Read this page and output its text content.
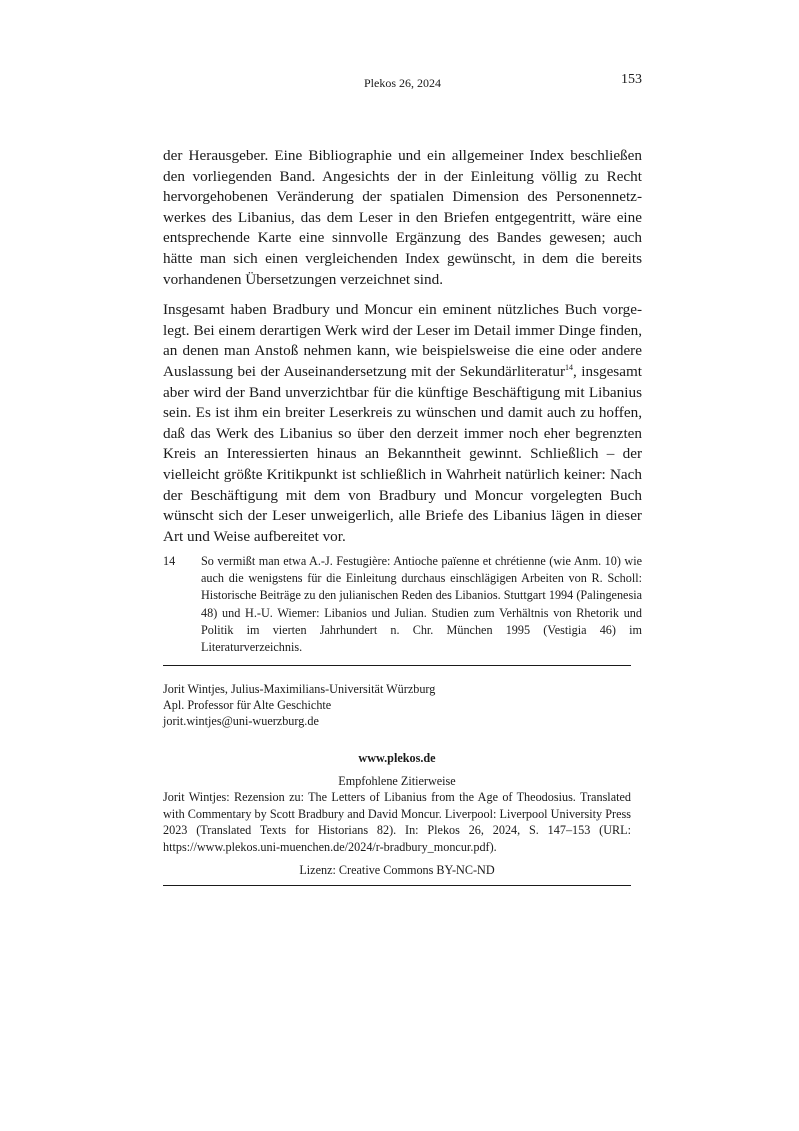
Plekos 26, 2024	153

der Herausgeber. Eine Bibliographie und ein allgemeiner Index beschließen den vorliegenden Band. Angesichts der in der Einleitung völlig zu Recht hervorgehobenen Veränderung der spatialen Dimension des Personennetzwerkes des Libanius, das dem Leser in den Briefen entgegentritt, wäre eine entsprechende Karte eine sinnvolle Ergänzung des Bandes gewesen; auch hätte man sich einen vergleichenden Index gewünscht, in dem die bereits vorhandenen Übersetzungen verzeichnet sind.

Insgesamt haben Bradbury und Moncur ein eminent nützliches Buch vorgelegt. Bei einem derartigen Werk wird der Leser im Detail immer Dinge finden, an denen man Anstoß nehmen kann, wie beispielsweise die eine oder andere Auslassung bei der Auseinandersetzung mit der Sekundärliteratur$^{14}$, insgesamt aber wird der Band unverzichtbar für die künftige Beschäftigung mit Libanius sein. Es ist ihm ein breiter Leserkreis zu wünschen und damit auch zu hoffen, daß das Werk des Libanius so über den derzeit immer noch eher begrenzten Kreis an Interessierten hinaus an Bekanntheit gewinnt. Schließlich – der vielleicht größte Kritikpunkt ist schließlich in Wahrheit natürlich keiner: Nach der Beschäftigung mit dem von Bradbury und Moncur vorgelegten Buch wünscht sich der Leser unweigerlich, alle Briefe des Libanius lägen in dieser Art und Weise aufbereitet vor.

14 So vermißt man etwa A.-J. Festugière: Antioche païenne et chrétienne (wie Anm. 10) wie auch die wenigstens für die Einleitung durchaus einschlägigen Arbeiten von R. Scholl: Historische Beiträge zu den julianischen Reden des Libanios. Stuttgart 1994 (Palingenesia 48) und H.-U. Wiemer: Libanios und Julian. Studien zum Verhältnis von Rhetorik und Politik im vierten Jahrhundert n. Chr. München 1995 (Vestigia 46) im Literaturverzeichnis.
Jorit Wintjes, Julius-Maximilians-Universität Würzburg
Apl. Professor für Alte Geschichte
jorit.wintjes@uni-wuerzburg.de
www.plekos.de
Empfohlene Zitierweise
Jorit Wintjes: Rezension zu: The Letters of Libanius from the Age of Theodosius. Translated with Commentary by Scott Bradbury and David Moncur. Liverpool: Liverpool University Press 2023 (Translated Texts for Historians 82). In: Plekos 26, 2024, S. 147–153 (URL: https://www.plekos.uni-muenchen.de/2024/r-bradbury_moncur.pdf).
Lizenz: Creative Commons BY-NC-ND
